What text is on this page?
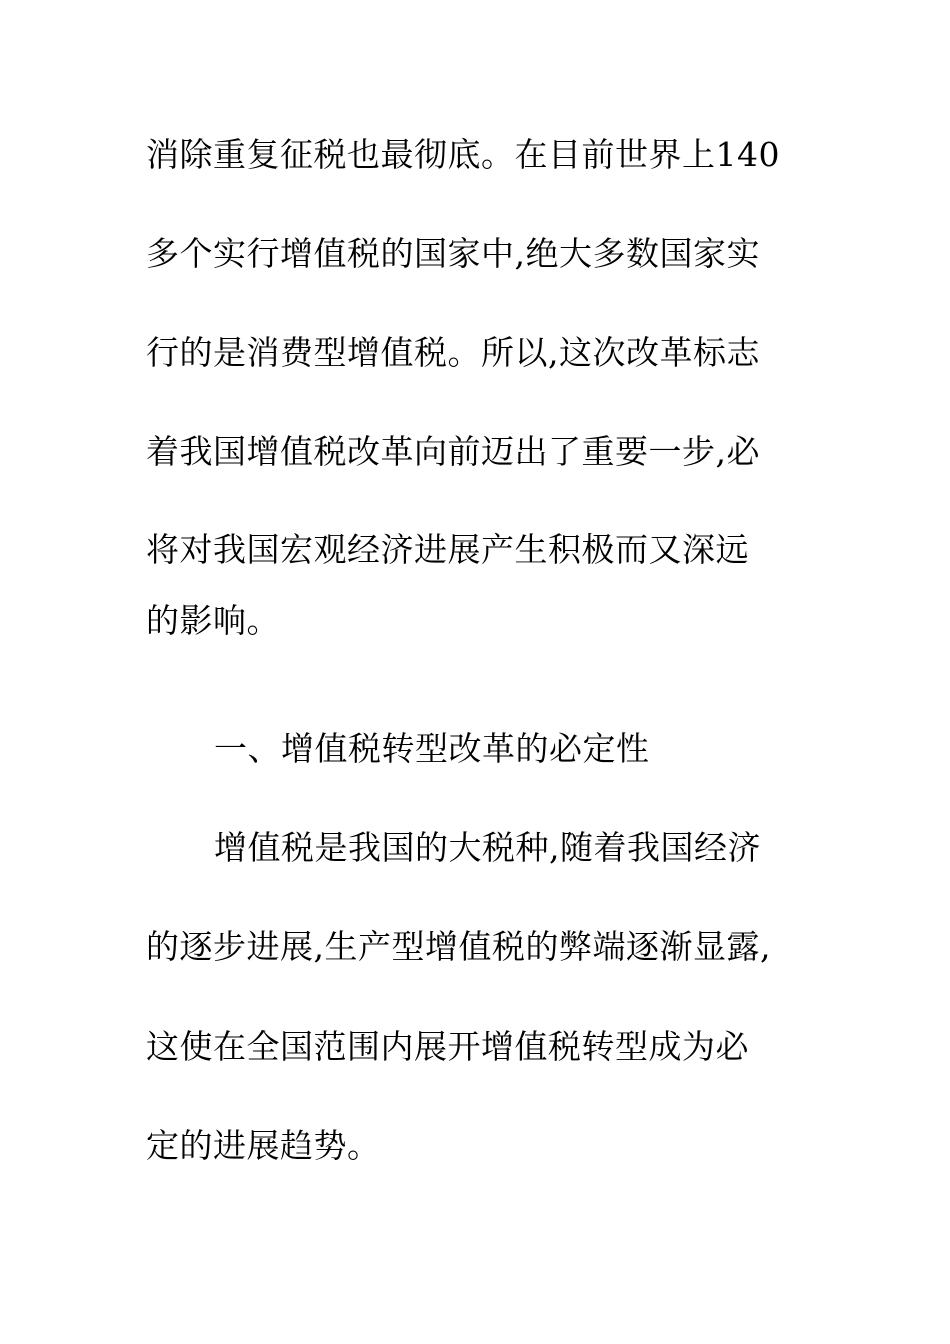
消除重复征税也最彻底。在目前世界上140
多个实行增值税的国家中,绝大多数国家实
行的是消费型增值税。所以,这次改革标志
着我国增值税改革向前迈出了重要一步,必
将对我国宏观经济进展产生积极而又深远
的影响。
一、增值税转型改革的必定性
增值税是我国的大税种,随着我国经济
的逐步进展,生产型增值税的弊端逐渐显露,
这使在全国范围内展开增值税转型成为必
定的进展趋势。
